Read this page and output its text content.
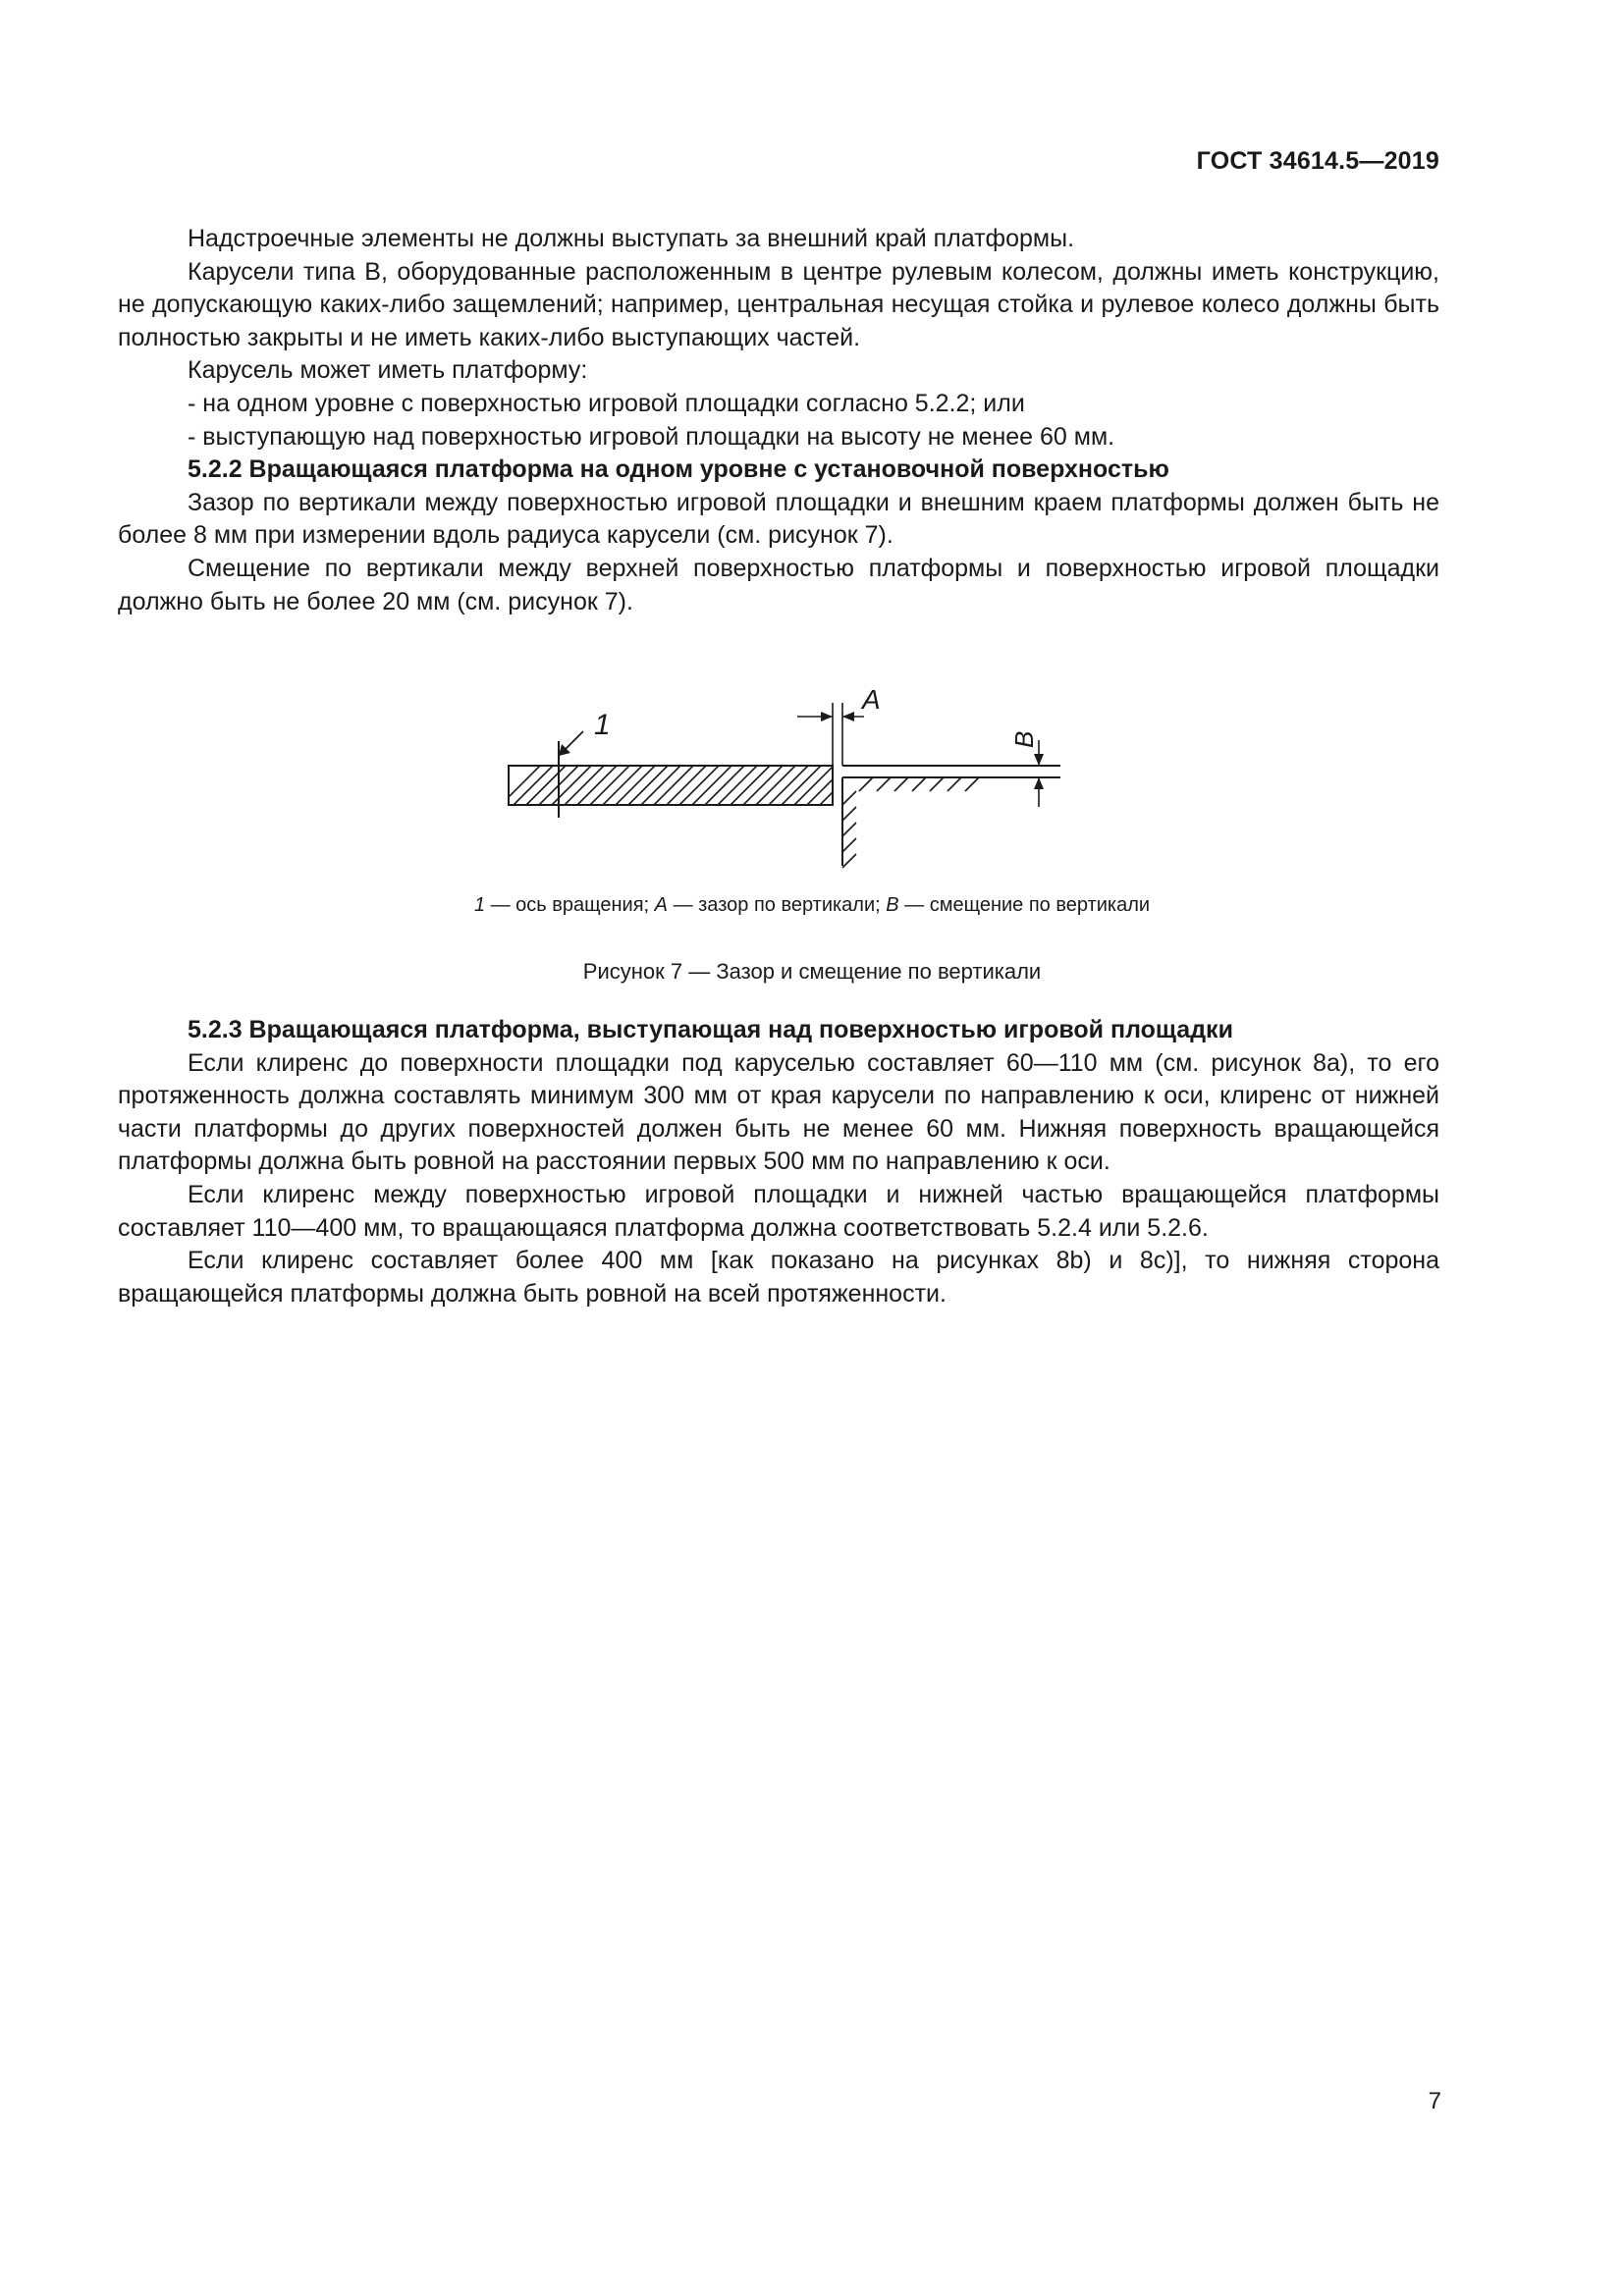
ГОСТ 34614.5—2019

Надстроечные элементы не должны выступать за внешний край платформы.

Карусели типа В, оборудованные расположенным в центре рулевым колесом, должны иметь конструкцию, не допускающую каких-либо защемлений; например, центральная несущая стойка и рулевое колесо должны быть полностью закрыты и не иметь каких-либо выступающих частей.

Карусель может иметь платформу:

- на одном уровне с поверхностью игровой площадки согласно 5.2.2; или

- выступающую над поверхностью игровой площадки на высоту не менее 60 мм.

5.2.2 Вращающаяся платформа на одном уровне с установочной поверхностью

Зазор по вертикали между поверхностью игровой площадки и внешним краем платформы должен быть не более 8 мм при измерении вдоль радиуса карусели (см. рисунок 7).

Смещение по вертикали между верхней поверхностью платформы и поверхностью игровой площадки должно быть не более 20 мм (см. рисунок 7).

1
A
B
1 — ось вращения; A — зазор по вертикали; B — смещение по вертикали
Рисунок 7 — Зазор и смещение по вертикали

5.2.3 Вращающаяся платформа, выступающая над поверхностью игровой площадки

Если клиренс до поверхности площадки под каруселью составляет 60—110 мм (см. рисунок 8а), то его протяженность должна составлять минимум 300 мм от края карусели по направлению к оси, клиренс от нижней части платформы до других поверхностей должен быть не менее 60 мм. Нижняя поверхность вращающейся платформы должна быть ровной на расстоянии первых 500 мм по направлению к оси.

Если клиренс между поверхностью игровой площадки и нижней частью вращающейся платформы составляет 110—400 мм, то вращающаяся платформа должна соответствовать 5.2.4 или 5.2.6.

Если клиренс составляет более 400 мм [как показано на рисунках 8b) и 8c)], то нижняя сторона вращающейся платформы должна быть ровной на всей протяженности.

7
